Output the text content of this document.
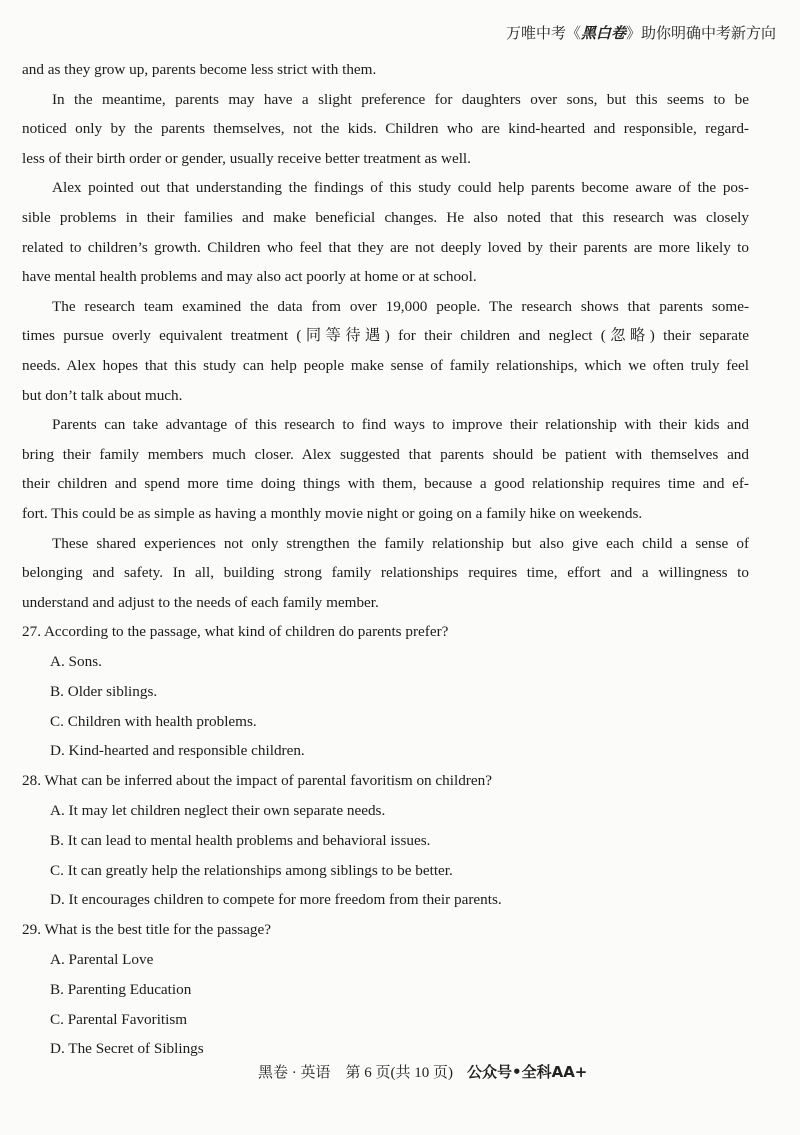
万唯中考《黑白卷》助你明确中考新方向
and as they grow up, parents become less strict with them.
In the meantime, parents may have a slight preference for daughters over sons, but this seems to be
noticed only by the parents themselves, not the kids. Children who are kind-hearted and responsible, regard-
less of their birth order or gender, usually receive better treatment as well.
Alex pointed out that understanding the findings of this study could help parents become aware of the pos-
sible problems in their families and make beneficial changes. He also noted that this research was closely
related to children’s growth. Children who feel that they are not deeply loved by their parents are more likely to
have mental health problems and may also act poorly at home or at school.
The research team examined the data from over 19,000 people. The research shows that parents some-
times pursue overly equivalent treatment (同等待遇) for their children and neglect (忽略) their separate
needs. Alex hopes that this study can help people make sense of family relationships, which we often truly feel
but don’t talk about much.
Parents can take advantage of this research to find ways to improve their relationship with their kids and
bring their family members much closer. Alex suggested that parents should be patient with themselves and
their children and spend more time doing things with them, because a good relationship requires time and ef-
fort. This could be as simple as having a monthly movie night or going on a family hike on weekends.
These shared experiences not only strengthen the family relationship but also give each child a sense of
belonging and safety. In all, building strong family relationships requires time, effort and a willingness to
understand and adjust to the needs of each family member.
27. According to the passage, what kind of children do parents prefer?
A. Sons.
B. Older siblings.
C. Children with health problems.
D. Kind-hearted and responsible children.
28. What can be inferred about the impact of parental favoritism on children?
A. It may let children neglect their own separate needs.
B. It can lead to mental health problems and behavioral issues.
C. It can greatly help the relationships among siblings to be better.
D. It encourages children to compete for more freedom from their parents.
29. What is the best title for the passage?
A. Parental Love
B. Parenting Education
C. Parental Favoritism
D. The Secret of Siblings
黑卷 · 英语　第 6 页(共 10 页) 公众号•全科AA+
